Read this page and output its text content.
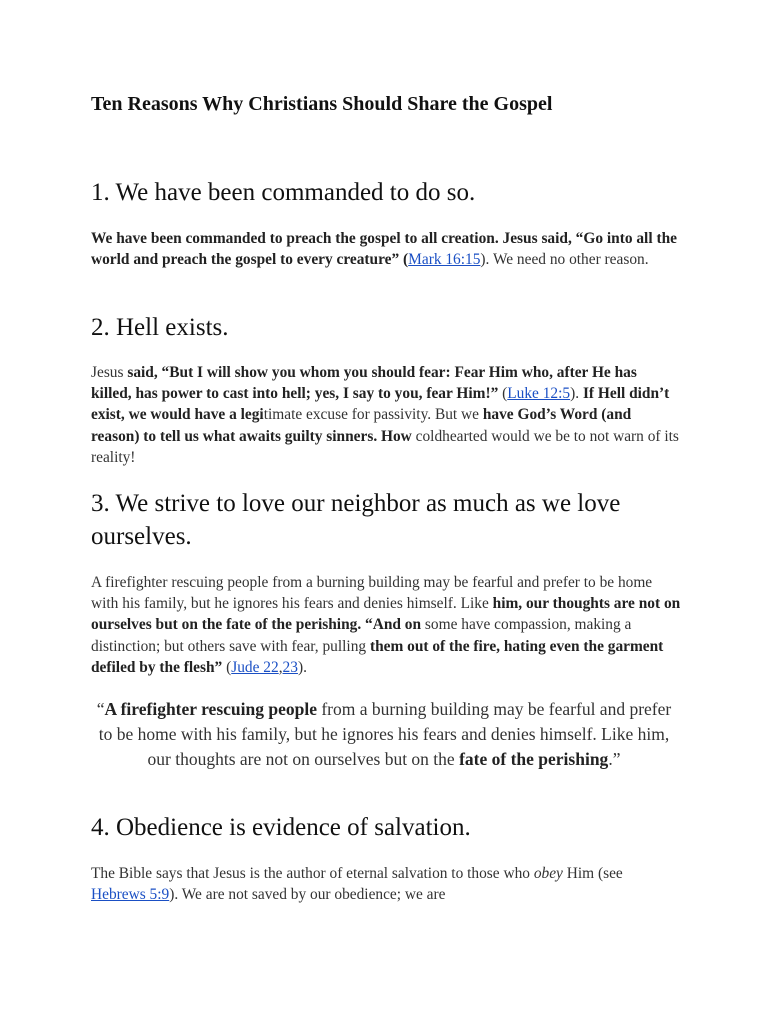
Ten Reasons Why Christians Should Share the Gospel
1. We have been commanded to do so.

We have been commanded to preach the gospel to all creation. Jesus said, “Go into all the world and preach the gospel to every creature” (Mark 16:15). We need no other reason.

2. Hell exists.

Jesus said, “But I will show you whom you should fear: Fear Him who, after He has killed, has power to cast into hell; yes, I say to you, fear Him!” (Luke 12:5). If Hell didn’t exist, we would have a legitimate excuse for passivity. But we have God’s Word (and reason) to tell us what awaits guilty sinners. How coldhearted would we be to not warn of its reality!

3. We strive to love our neighbor as much as we love ourselves.

A firefighter rescuing people from a burning building may be fearful and prefer to be home with his family, but he ignores his fears and denies himself. Like him, our thoughts are not on ourselves but on the fate of the perishing. “And on some have compassion, making a distinction; but others save with fear, pulling them out of the fire, hating even the garment defiled by the flesh” (Jude 22,23).

“A firefighter rescuing people from a burning building may be fearful and prefer to be home with his family, but he ignores his fears and denies himself. Like him, our thoughts are not on ourselves but on the fate of the perishing.”

4. Obedience is evidence of salvation.

The Bible says that Jesus is the author of eternal salvation to those who obey Him (see Hebrews 5:9). We are not saved by our obedience; we are
